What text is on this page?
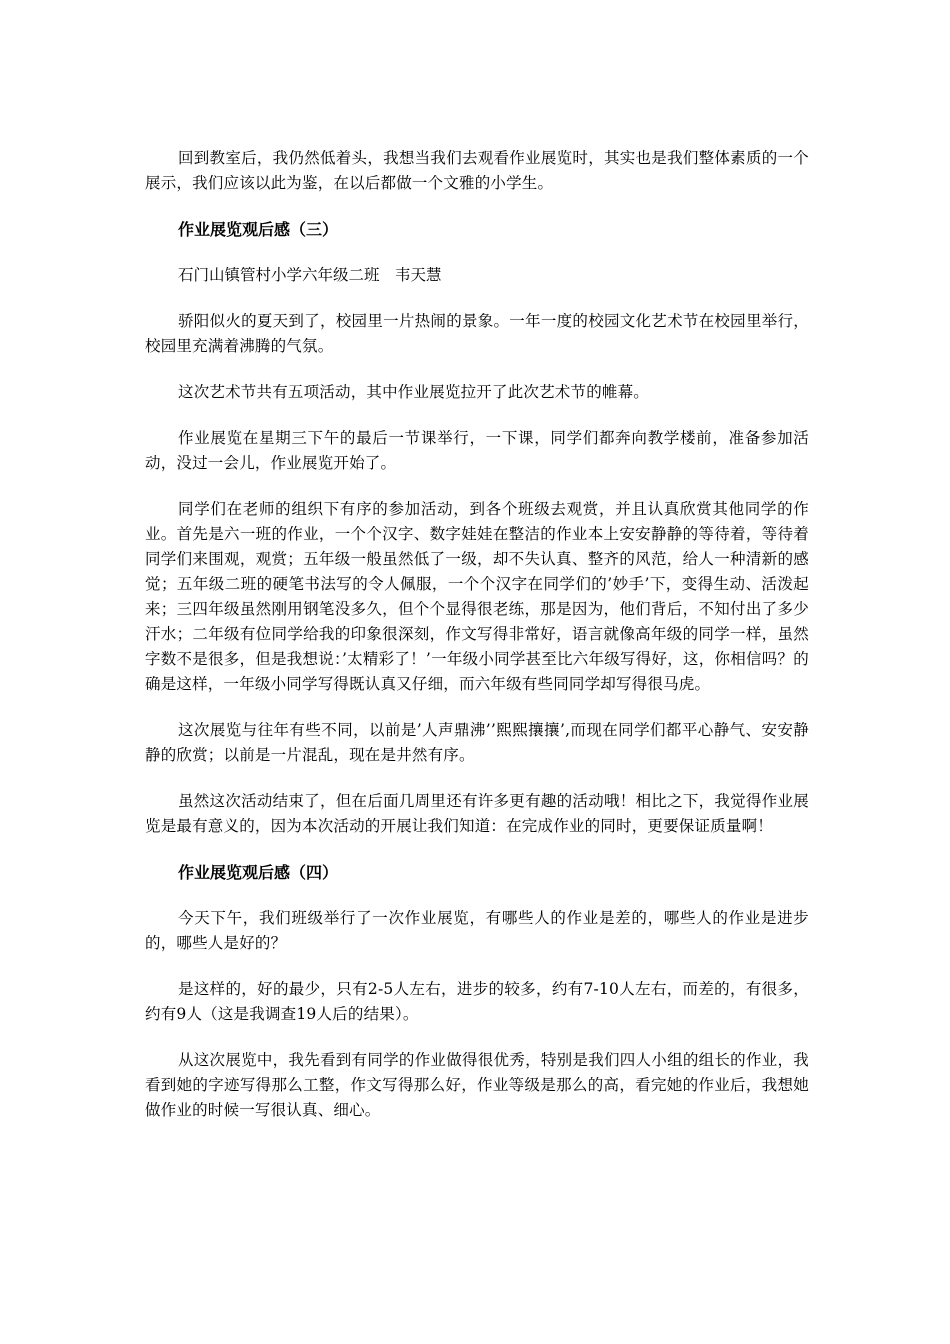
回到教室后，我仍然低着头，我想当我们去观看作业展览时，其实也是我们整体素质的一个展示，我们应该以此为鉴，在以后都做一个文雅的小学生。

作业展览观后感（三）

石门山镇管村小学六年级二班　韦天慧

骄阳似火的夏天到了，校园里一片热闹的景象。一年一度的校园文化艺术节在校园里举行，校园里充满着沸腾的气氛。

这次艺术节共有五项活动，其中作业展览拉开了此次艺术节的帷幕。

作业展览在星期三下午的最后一节课举行，一下课，同学们都奔向教学楼前，准备参加活动，没过一会儿，作业展览开始了。

同学们在老师的组织下有序的参加活动，到各个班级去观赏，并且认真欣赏其他同学的作业。首先是六一班的作业，一个个汉字、数字娃娃在整洁的作业本上安安静静的等待着，等待着同学们来围观，观赏；五年级一般虽然低了一级，却不失认真、整齐的风范，给人一种清新的感觉；五年级二班的硬笔书法写的令人佩服，一个个汉字在同学们的’妙手’下，变得生动、活泼起来；三四年级虽然刚用钢笔没多久，但个个显得很老练，那是因为，他们背后，不知付出了多少汗水；二年级有位同学给我的印象很深刻，作文写得非常好，语言就像高年级的同学一样，虽然字数不是很多，但是我想说：’太精彩了！’一年级小同学甚至比六年级写得好，这，你相信吗？的确是这样，一年级小同学写得既认真又仔细，而六年级有些同同学却写得很马虎。

这次展览与往年有些不同，以前是’人声鼎沸’’熙熙攘攘’,而现在同学们都平心静气、安安静静的欣赏；以前是一片混乱，现在是井然有序。

虽然这次活动结束了，但在后面几周里还有许多更有趣的活动哦！相比之下，我觉得作业展览是最有意义的，因为本次活动的开展让我们知道：在完成作业的同时，更要保证质量啊！

作业展览观后感（四）

今天下午，我们班级举行了一次作业展览，有哪些人的作业是差的，哪些人的作业是进步的，哪些人是好的？

是这样的，好的最少，只有2-5人左右，进步的较多，约有7-10人左右，而差的，有很多，约有9人（这是我调查19人后的结果）。

从这次展览中，我先看到有同学的作业做得很优秀，特别是我们四人小组的组长的作业，我看到她的字迹写得那么工整，作文写得那么好，作业等级是那么的高，看完她的作业后，我想她做作业的时候一写很认真、细心。
